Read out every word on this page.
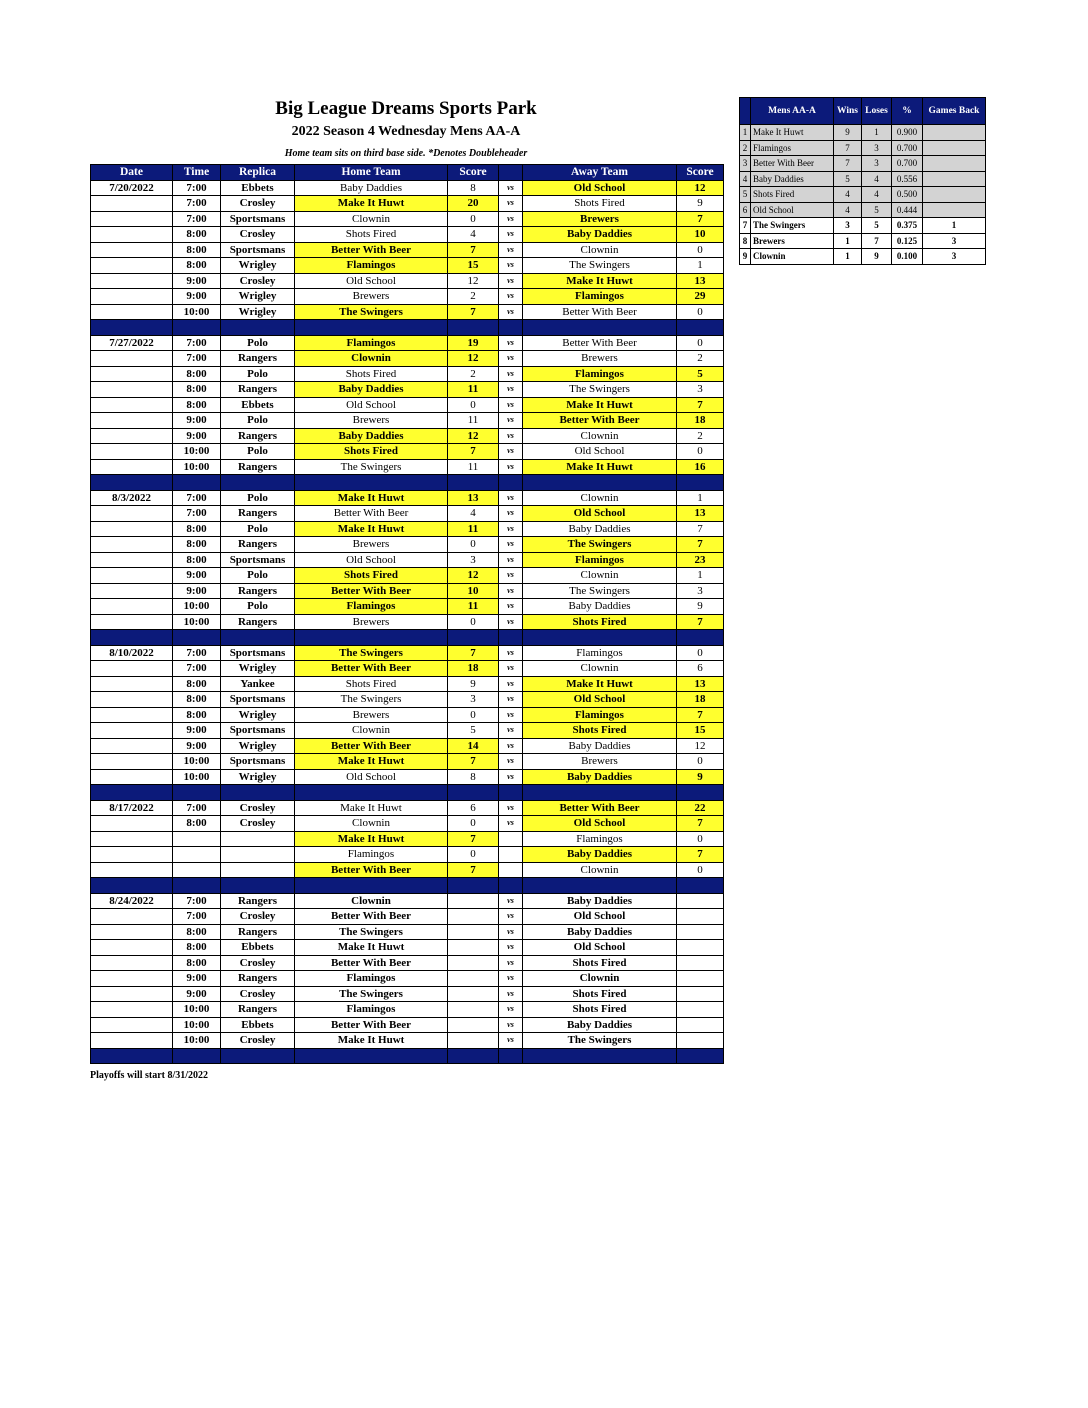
Big League Dreams Sports Park
2022 Season 4 Wednesday Mens AA-A
Home team sits on third base side. *Denotes Doubleheader
Date	Time	Replica	Home Team	Score		Away Team	Score
7/20/2022	7:00	Ebbets	Baby Daddies	8	vs	Old School	12
	7:00	Crosley	Make It Huwt	20	vs	Shots Fired	9
	7:00	Sportsmans	Clownin	0	vs	Brewers	7
	8:00	Crosley	Shots Fired	4	vs	Baby Daddies	10
	8:00	Sportsmans	Better With Beer	7	vs	Clownin	0
	8:00	Wrigley	Flamingos	15	vs	The Swingers	1
	9:00	Crosley	Old School	12	vs	Make It Huwt	13
	9:00	Wrigley	Brewers	2	vs	Flamingos	29
	10:00	Wrigley	The Swingers	7	vs	Better With Beer	0

7/27/2022	7:00	Polo	Flamingos	19	vs	Better With Beer	0
	7:00	Rangers	Clownin	12	vs	Brewers	2
	8:00	Polo	Shots Fired	2	vs	Flamingos	5
	8:00	Rangers	Baby Daddies	11	vs	The Swingers	3
	8:00	Ebbets	Old School	0	vs	Make It Huwt	7
	9:00	Polo	Brewers	11	vs	Better With Beer	18
	9:00	Rangers	Baby Daddies	12	vs	Clownin	2
	10:00	Polo	Shots Fired	7	vs	Old School	0
	10:00	Rangers	The Swingers	11	vs	Make It Huwt	16

8/3/2022	7:00	Polo	Make It Huwt	13	vs	Clownin	1
	7:00	Rangers	Better With Beer	4	vs	Old School	13
	8:00	Polo	Make It Huwt	11	vs	Baby Daddies	7
	8:00	Rangers	Brewers	0	vs	The Swingers	7
	8:00	Sportsmans	Old School	3	vs	Flamingos	23
	9:00	Polo	Shots Fired	12	vs	Clownin	1
	9:00	Rangers	Better With Beer	10	vs	The Swingers	3
	10:00	Polo	Flamingos	11	vs	Baby Daddies	9
	10:00	Rangers	Brewers	0	vs	Shots Fired	7

8/10/2022	7:00	Sportsmans	The Swingers	7	vs	Flamingos	0
	7:00	Wrigley	Better With Beer	18	vs	Clownin	6
	8:00	Yankee	Shots Fired	9	vs	Make It Huwt	13
	8:00	Sportsmans	The Swingers	3	vs	Old School	18
	8:00	Wrigley	Brewers	0	vs	Flamingos	7
	9:00	Sportsmans	Clownin	5	vs	Shots Fired	15
	9:00	Wrigley	Better With Beer	14	vs	Baby Daddies	12
	10:00	Sportsmans	Make It Huwt	7	vs	Brewers	0
	10:00	Wrigley	Old School	8	vs	Baby Daddies	9

8/17/2022	7:00	Crosley	Make It Huwt	6	vs	Better With Beer	22
	8:00	Crosley	Clownin	0	vs	Old School	7
			Make It Huwt	7		Flamingos	0
			Flamingos	0		Baby Daddies	7
			Better With Beer	7		Clownin	0

8/24/2022	7:00	Rangers	Clownin		vs	Baby Daddies	
	7:00	Crosley	Better With Beer		vs	Old School	
	8:00	Rangers	The Swingers		vs	Baby Daddies	
	8:00	Ebbets	Make It Huwt		vs	Old School	
	8:00	Crosley	Better With Beer		vs	Shots Fired	
	9:00	Rangers	Flamingos		vs	Clownin	
	9:00	Crosley	The Swingers		vs	Shots Fired	
	10:00	Rangers	Flamingos		vs	Shots Fired	
	10:00	Ebbets	Better With Beer		vs	Baby Daddies	
	10:00	Crosley	Make It Huwt		vs	The Swingers	

Playoffs will start 8/31/2022
	Mens AA-A	Wins	Loses	%	Games Back
1	Make It Huwt	9	1	0.900	
2	Flamingos	7	3	0.700	
3	Better With Beer	7	3	0.700	
4	Baby Daddies	5	4	0.556	
5	Shots Fired	4	4	0.500	
6	Old School	4	5	0.444	
7	The Swingers	3	5	0.375	1
8	Brewers	1	7	0.125	3
9	Clownin	1	9	0.100	3
